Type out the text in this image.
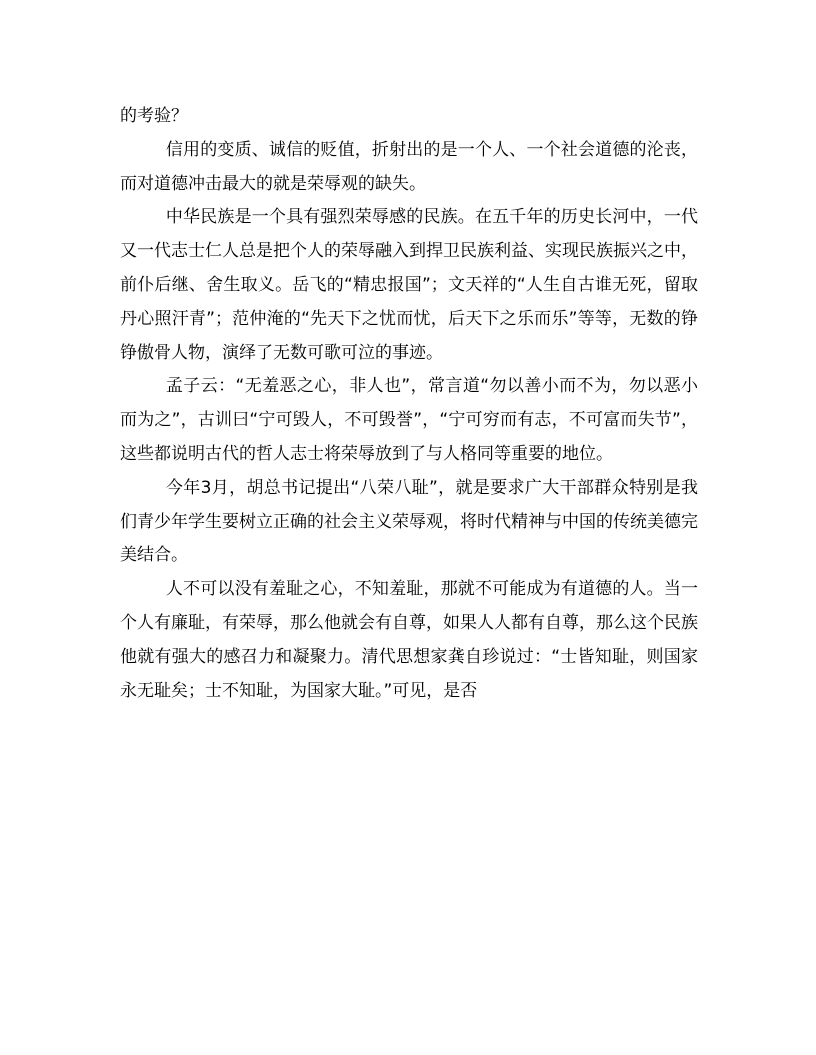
的考验？

信用的变质、诚信的贬值，折射出的是一个人、一个社会道德的沦丧，而对道德冲击最大的就是荣辱观的缺失。

中华民族是一个具有强烈荣辱感的民族。在五千年的历史长河中，一代又一代志士仁人总是把个人的荣辱融入到捍卫民族利益、实现民族振兴之中，前仆后继、舍生取义。岳飞的“精忠报国”；文天祥的“人生自古谁无死，留取丹心照汗青”；范仲淹的“先天下之忧而忧，后天下之乐而乐”等等，无数的铮铮傲骨人物，演绎了无数可歌可泣的事迹。

孟子云：“无羞恶之心，非人也”，常言道“勿以善小而不为，勿以恶小而为之”，古训曰“宁可毁人，不可毁誉”，“宁可穷而有志，不可富而失节”，这些都说明古代的哲人志士将荣辱放到了与人格同等重要的地位。

今年3月，胡总书记提出“八荣八耻”，就是要求广大干部群众特别是我们青少年学生要树立正确的社会主义荣辱观，将时代精神与中国的传统美德完美结合。

人不可以没有羞耻之心，不知羞耻，那就不可能成为有道德的人。当一个人有廉耻，有荣辱，那么他就会有自尊，如果人人都有自尊，那么这个民族他就有强大的感召力和凝聚力。清代思想家龚自珍说过：“士皆知耻，则国家永无耻矣；士不知耻，为国家大耻。”可见，是否
